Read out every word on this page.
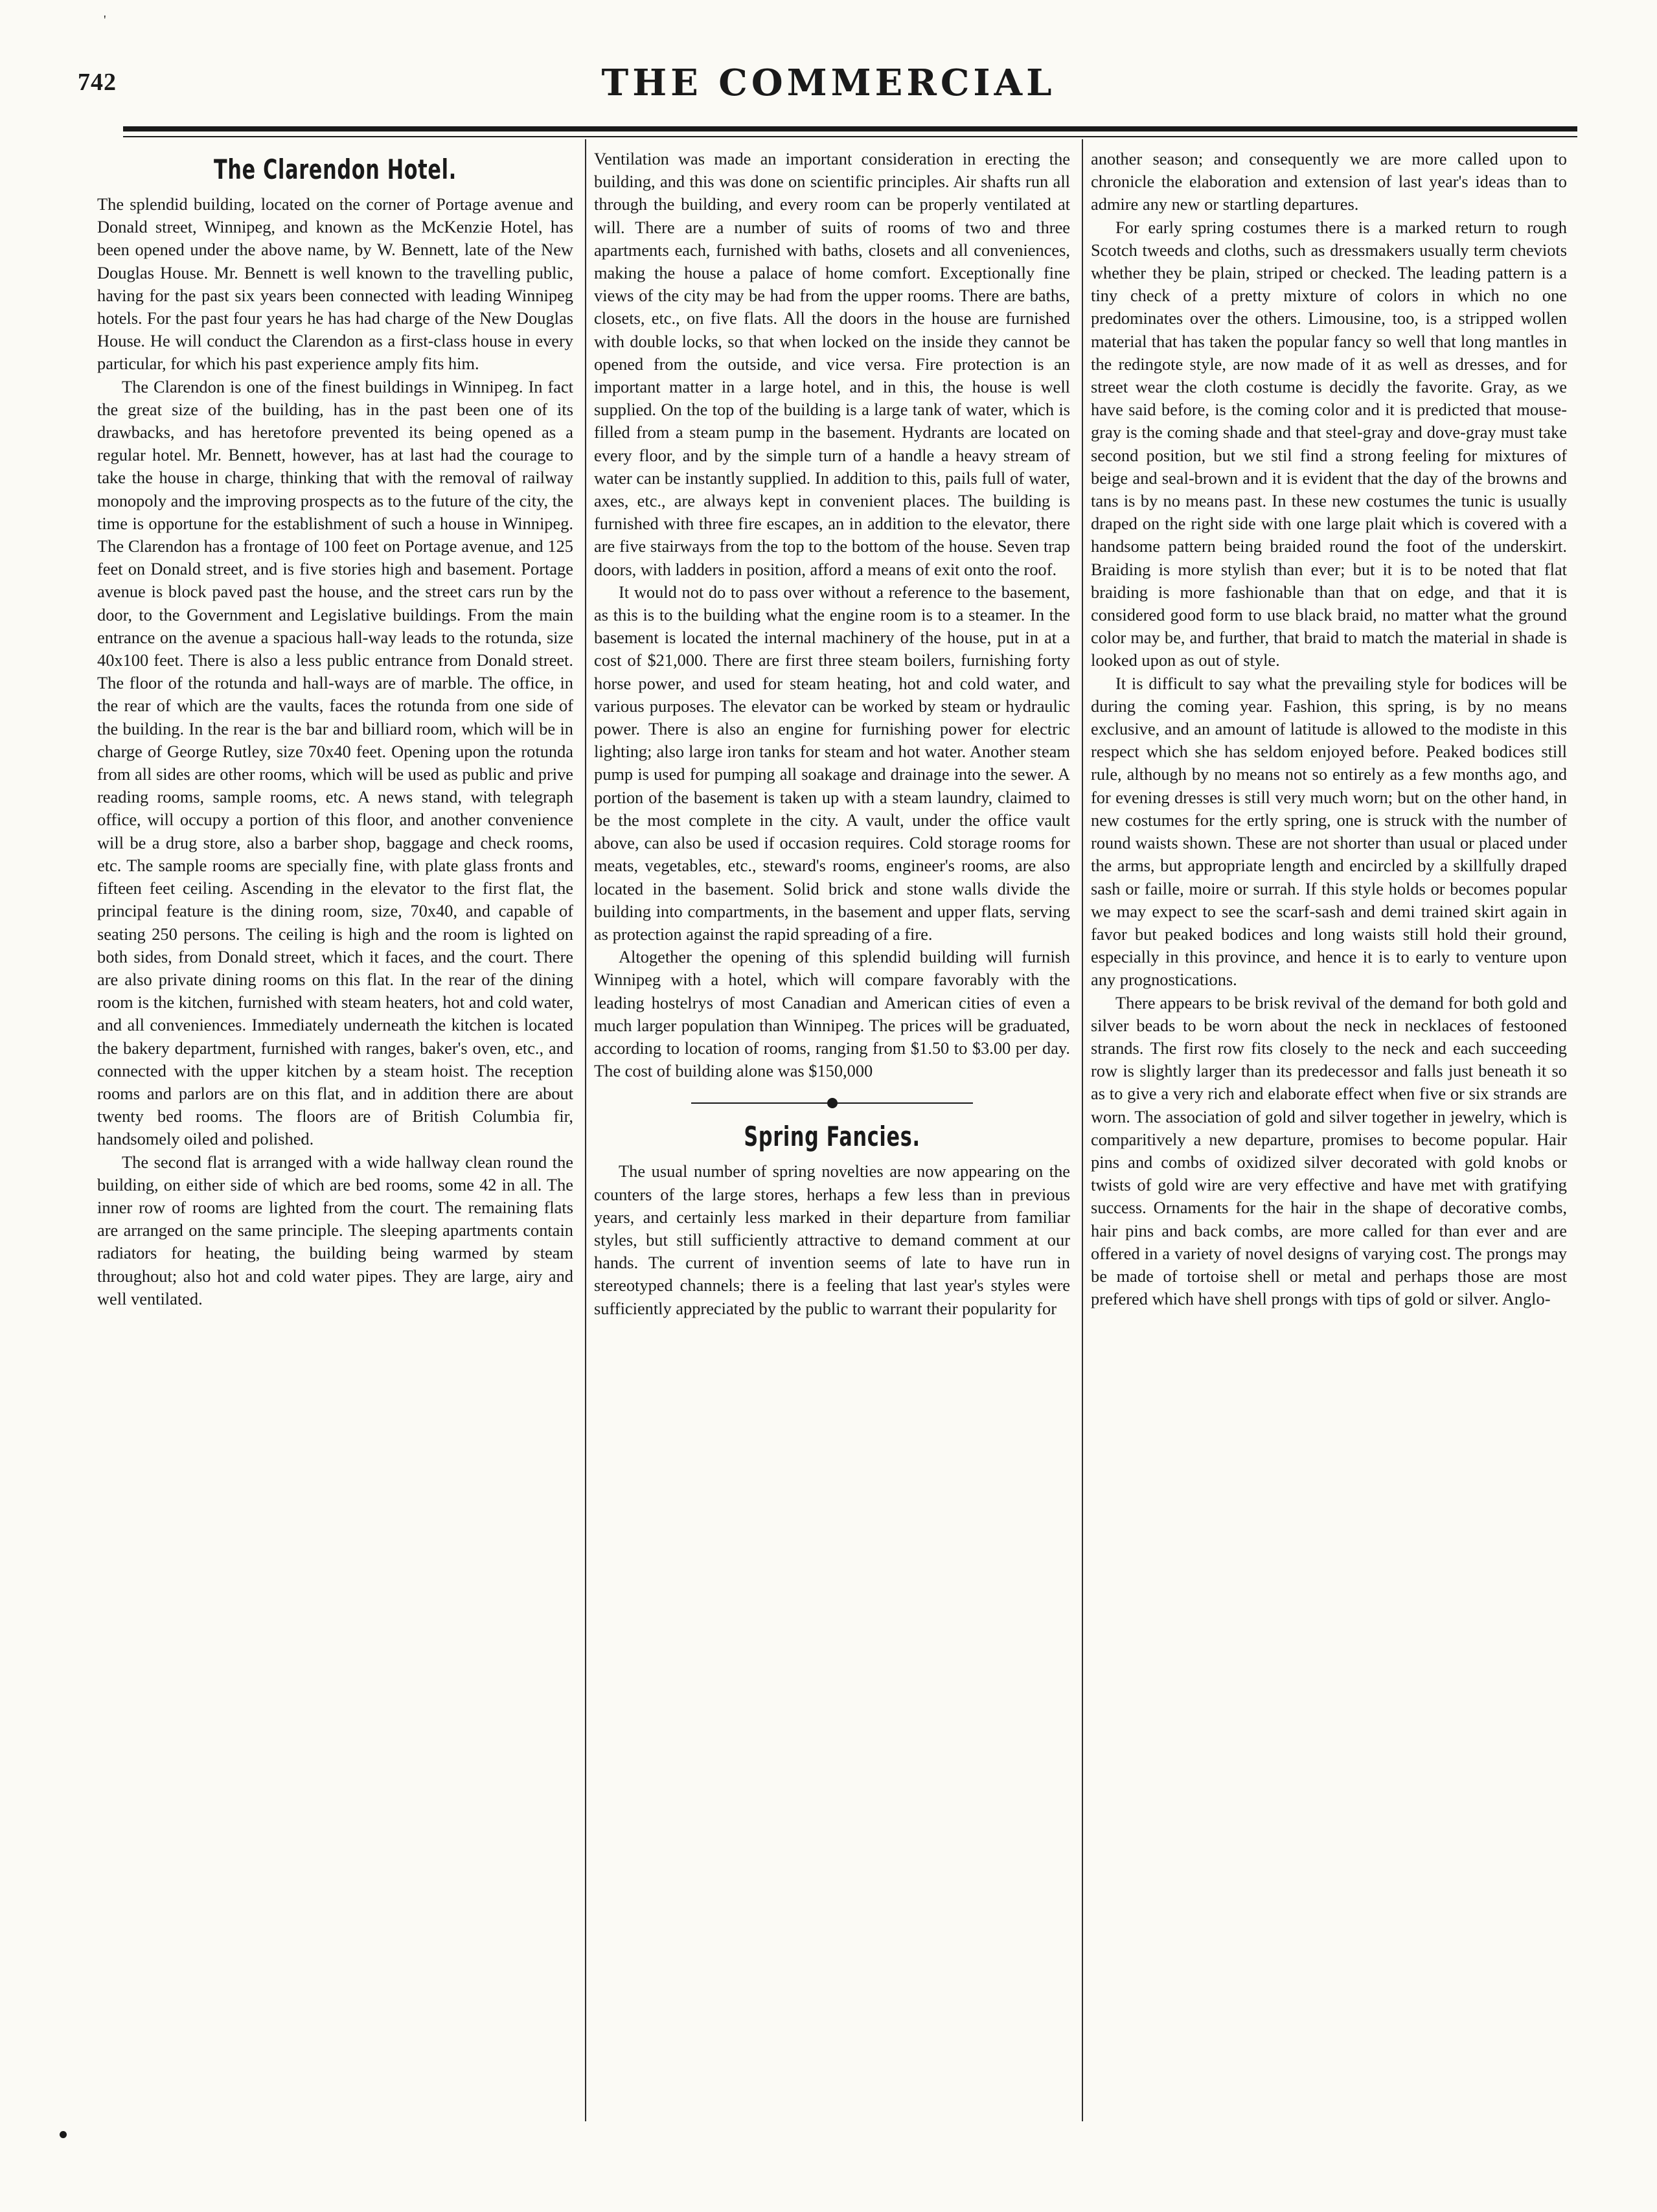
'
742	THE COMMERCIAL
The Clarendon Hotel.

The splendid building, located on the corner of Portage avenue and Donald street, Winnipeg, and known as the McKenzie Hotel, has been opened under the above name, by W. Bennett, late of the New Douglas House. Mr. Bennett is well known to the travelling public, having for the past six years been connected with leading Winnipeg hotels. For the past four years he has had charge of the New Douglas House. He will conduct the Clarendon as a first-class house in every particular, for which his past experience amply fits him.

The Clarendon is one of the finest buildings in Winnipeg. In fact the great size of the building, has in the past been one of its drawbacks, and has heretofore prevented its being opened as a regular hotel. Mr. Bennett, however, has at last had the courage to take the house in charge, thinking that with the removal of railway monopoly and the improving prospects as to the future of the city, the time is opportune for the establishment of such a house in Winnipeg. The Clarendon has a frontage of 100 feet on Portage avenue, and 125 feet on Donald street, and is five stories high and basement. Portage avenue is block paved past the house, and the street cars run by the door, to the Government and Legislative buildings. From the main entrance on the avenue a spacious hall-way leads to the rotunda, size 40x100 feet. There is also a less public entrance from Donald street. The floor of the rotunda and hall-ways are of marble. The office, in the rear of which are the vaults, faces the rotunda from one side of the building. In the rear is the bar and billiard room, which will be in charge of George Rutley, size 70x40 feet. Opening upon the rotunda from all sides are other rooms, which will be used as public and prive reading rooms, sample rooms, etc. A news stand, with telegraph office, will occupy a portion of this floor, and another convenience will be a drug store, also a barber shop, baggage and check rooms, etc. The sample rooms are specially fine, with plate glass fronts and fifteen feet ceiling. Ascending in the elevator to the first flat, the principal feature is the dining room, size, 70x40, and capable of seating 250 persons. The ceiling is high and the room is lighted on both sides, from Donald street, which it faces, and the court. There are also private dining rooms on this flat. In the rear of the dining room is the kitchen, furnished with steam heaters, hot and cold water, and all conveniences. Immediately underneath the kitchen is located the bakery department, furnished with ranges, baker's oven, etc., and connected with the upper kitchen by a steam hoist. The reception rooms and parlors are on this flat, and in addition there are about twenty bed rooms. The floors are of British Columbia fir, handsomely oiled and polished.

The second flat is arranged with a wide hallway clean round the building, on either side of which are bed rooms, some 42 in all. The inner row of rooms are lighted from the court. The remaining flats are arranged on the same principle. The sleeping apartments contain radiators for heating, the building being warmed by steam throughout; also hot and cold water pipes. They are large, airy and well ventilated.

Ventilation was made an important consideration in erecting the building, and this was done on scientific principles. Air shafts run all through the building, and every room can be properly ventilated at will. There are a number of suits of rooms of two and three apartments each, furnished with baths, closets and all conveniences, making the house a palace of home comfort. Exceptionally fine views of the city may be had from the upper rooms. There are baths, closets, etc., on five flats. All the doors in the house are furnished with double locks, so that when locked on the inside they cannot be opened from the outside, and vice versa. Fire protection is an important matter in a large hotel, and in this, the house is well supplied. On the top of the building is a large tank of water, which is filled from a steam pump in the basement. Hydrants are located on every floor, and by the simple turn of a handle a heavy stream of water can be instantly supplied. In addition to this, pails full of water, axes, etc., are always kept in convenient places. The building is furnished with three fire escapes, an in addition to the elevator, there are five stairways from the top to the bottom of the house. Seven trap doors, with ladders in position, afford a means of exit onto the roof.

It would not do to pass over without a reference to the basement, as this is to the building what the engine room is to a steamer. In the basement is located the internal machinery of the house, put in at a cost of $21,000. There are first three steam boilers, furnishing forty horse power, and used for steam heating, hot and cold water, and various purposes. The elevator can be worked by steam or hydraulic power. There is also an engine for furnishing power for electric lighting; also large iron tanks for steam and hot water. Another steam pump is used for pumping all soakage and drainage into the sewer. A portion of the basement is taken up with a steam laundry, claimed to be the most complete in the city. A vault, under the office vault above, can also be used if occasion requires. Cold storage rooms for meats, vegetables, etc., steward's rooms, engineer's rooms, are also located in the basement. Solid brick and stone walls divide the building into compartments, in the basement and upper flats, serving as protection against the rapid spreading of a fire.

Altogether the opening of this splendid building will furnish Winnipeg with a hotel, which will compare favorably with the leading hostelrys of most Canadian and American cities of even a much larger population than Winnipeg. The prices will be graduated, according to location of rooms, ranging from $1.50 to $3.00 per day. The cost of building alone was $150,000

Spring Fancies.

The usual number of spring novelties are now appearing on the counters of the large stores, herhaps a few less than in previous years, and certainly less marked in their departure from familiar styles, but still sufficiently attractive to demand comment at our hands. The current of invention seems of late to have run in stereotyped channels; there is a feeling that last year's styles were sufficiently appreciated by the public to warrant their popularity for

another season; and consequently we are more called upon to chronicle the elaboration and extension of last year's ideas than to admire any new or startling departures.

For early spring costumes there is a marked return to rough Scotch tweeds and cloths, such as dressmakers usually term cheviots whether they be plain, striped or checked. The leading pattern is a tiny check of a pretty mixture of colors in which no one predominates over the others. Limousine, too, is a stripped wollen material that has taken the popular fancy so well that long mantles in the redingote style, are now made of it as well as dresses, and for street wear the cloth costume is decidly the favorite. Gray, as we have said before, is the coming color and it is predicted that mouse-gray is the coming shade and that steel-gray and dove-gray must take second position, but we stil find a strong feeling for mixtures of beige and seal-brown and it is evident that the day of the browns and tans is by no means past. In these new costumes the tunic is usually draped on the right side with one large plait which is covered with a handsome pattern being braided round the foot of the underskirt. Braiding is more stylish than ever; but it is to be noted that flat braiding is more fashionable than that on edge, and that it is considered good form to use black braid, no matter what the ground color may be, and further, that braid to match the material in shade is looked upon as out of style.

It is difficult to say what the prevailing style for bodices will be during the coming year. Fashion, this spring, is by no means exclusive, and an amount of latitude is allowed to the modiste in this respect which she has seldom enjoyed before. Peaked bodices still rule, although by no means not so entirely as a few months ago, and for evening dresses is still very much worn; but on the other hand, in new costumes for the ertly spring, one is struck with the number of round waists shown. These are not shorter than usual or placed under the arms, but appropriate length and encircled by a skillfully draped sash or faille, moire or surrah. If this style holds or becomes popular we may expect to see the scarf-sash and demi trained skirt again in favor but peaked bodices and long waists still hold their ground, especially in this province, and hence it is to early to venture upon any prognostications.

There appears to be brisk revival of the demand for both gold and silver beads to be worn about the neck in necklaces of festooned strands. The first row fits closely to the neck and each succeeding row is slightly larger than its predecessor and falls just beneath it so as to give a very rich and elaborate effect when five or six strands are worn. The association of gold and silver together in jewelry, which is comparitively a new departure, promises to become popular. Hair pins and combs of oxidized silver decorated with gold knobs or twists of gold wire are very effective and have met with gratifying success. Ornaments for the hair in the shape of decorative combs, hair pins and back combs, are more called for than ever and are offered in a variety of novel designs of varying cost. The prongs may be made of tortoise shell or metal and perhaps those are most prefered which have shell prongs with tips of gold or silver. Anglo-
